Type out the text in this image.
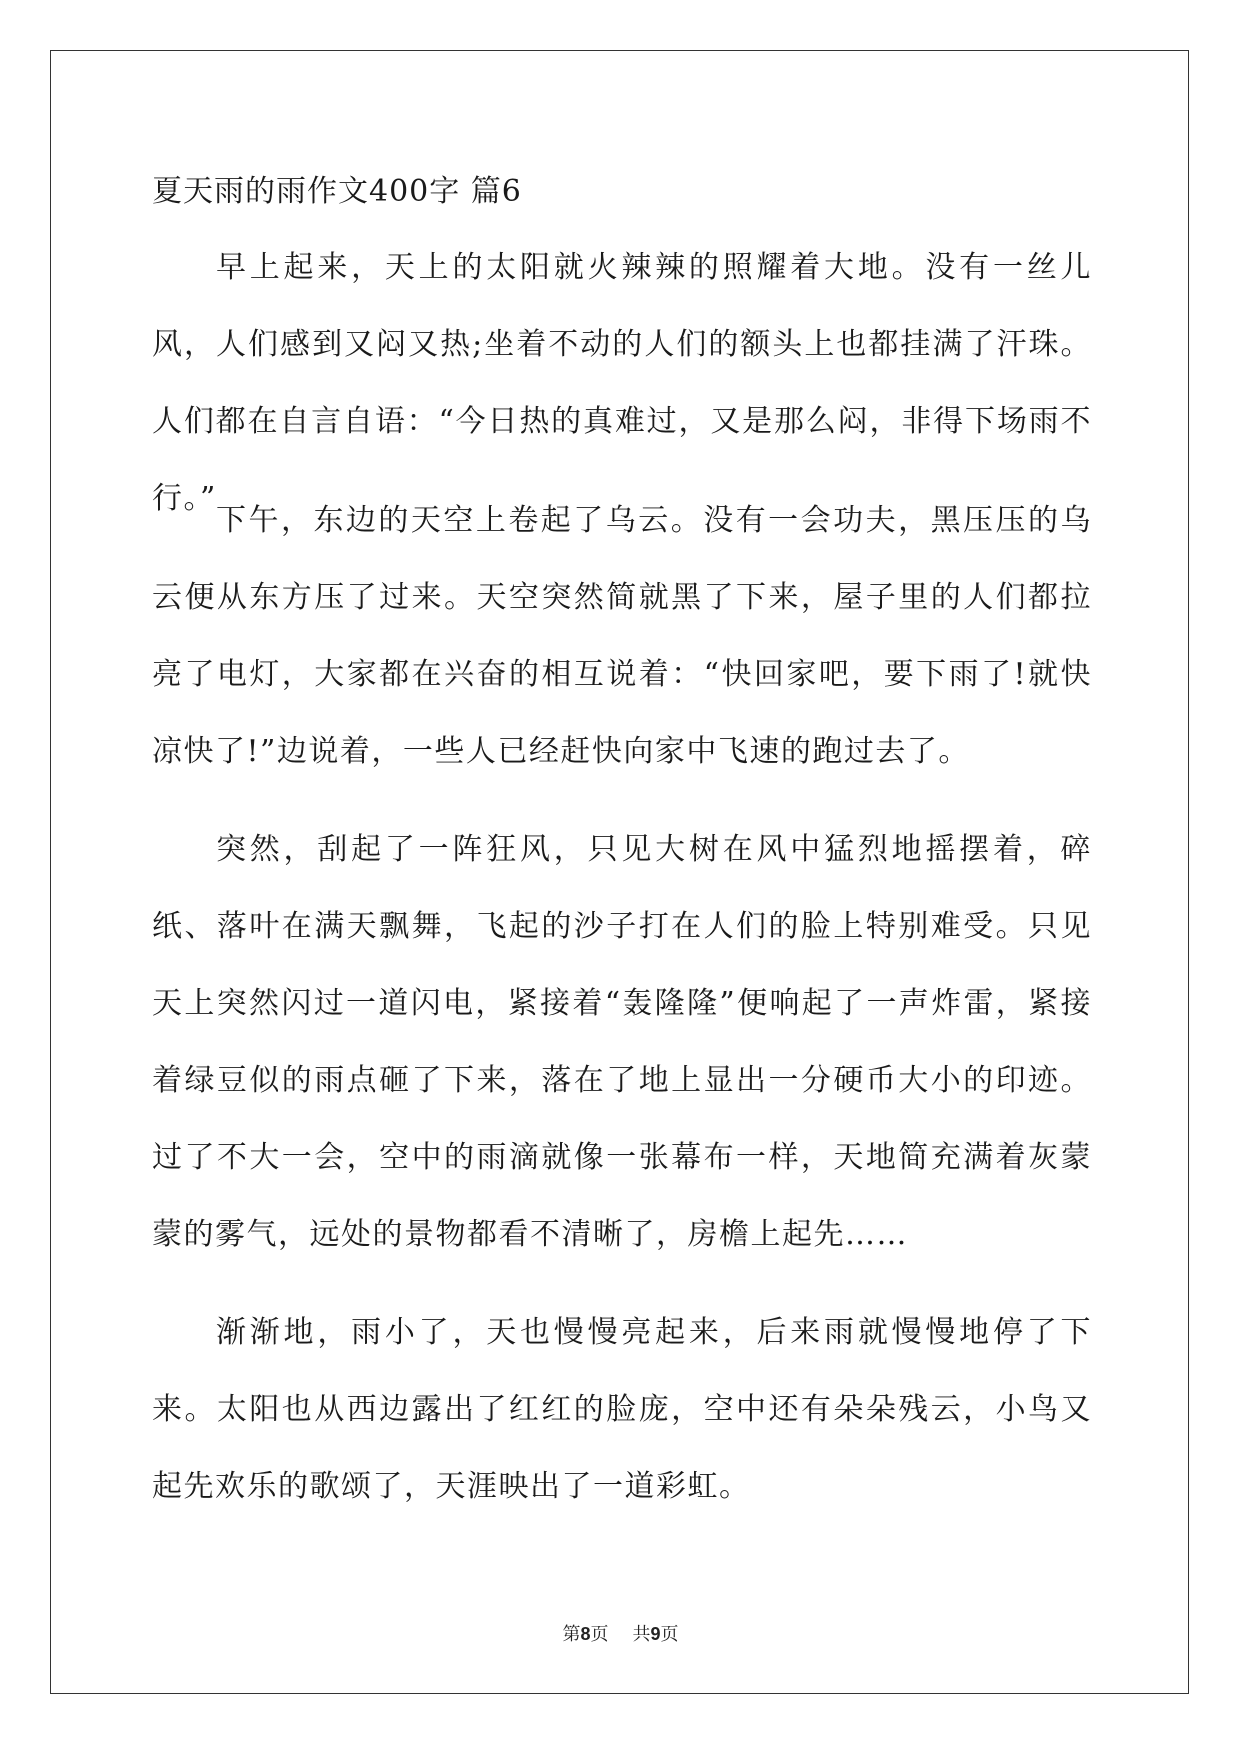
夏天雨的雨作文400字 篇6

早上起来，天上的太阳就火辣辣的照耀着大地。没有一丝儿风，人们感到又闷又热;坐着不动的人们的额头上也都挂满了汗珠。人们都在自言自语：“今日热的真难过，又是那么闷，非得下场雨不行。”

下午，东边的天空上卷起了乌云。没有一会功夫，黑压压的乌云便从东方压了过来。天空突然简就黑了下来，屋子里的人们都拉亮了电灯，大家都在兴奋的相互说着：“快回家吧，要下雨了!就快凉快了!”边说着，一些人已经赶快向家中飞速的跑过去了。

突然，刮起了一阵狂风，只见大树在风中猛烈地摇摆着，碎纸、落叶在满天飘舞，飞起的沙子打在人们的脸上特别难受。只见天上突然闪过一道闪电，紧接着“轰隆隆”便响起了一声炸雷，紧接着绿豆似的雨点砸了下来，落在了地上显出一分硬币大小的印迹。过了不大一会，空中的雨滴就像一张幕布一样，天地简充满着灰蒙蒙的雾气，远处的景物都看不清晰了，房檐上起先……

渐渐地，雨小了，天也慢慢亮起来，后来雨就慢慢地停了下来。太阳也从西边露出了红红的脸庞，空中还有朵朵残云，小鸟又起先欢乐的歌颂了，天涯映出了一道彩虹。

第8页 共9页
